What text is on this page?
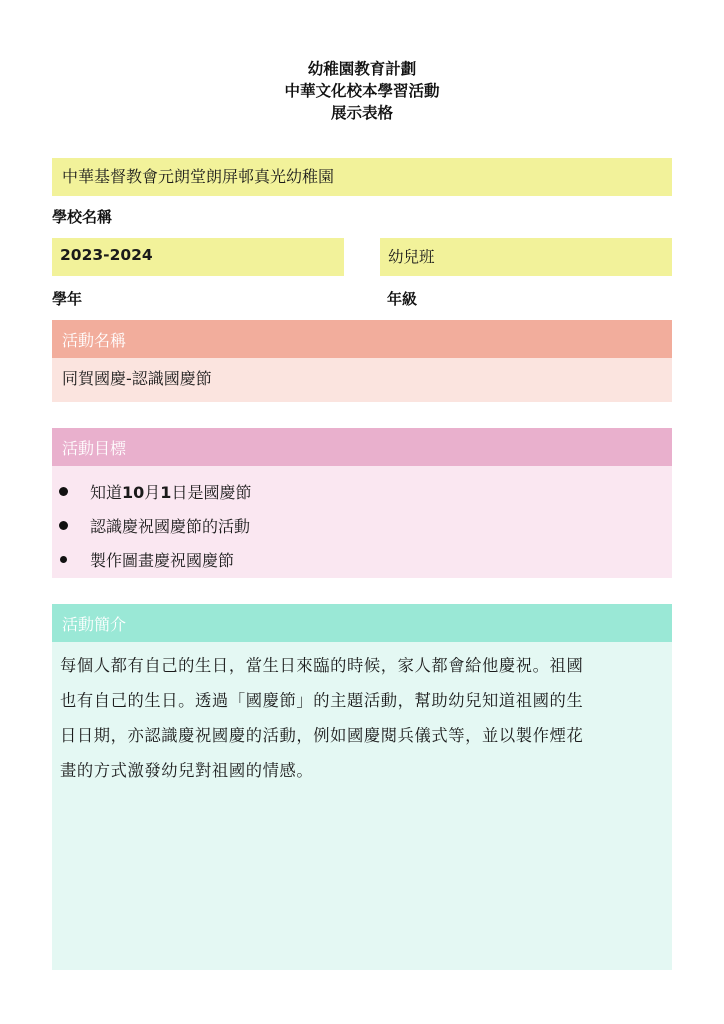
幼稚園教育計劃
中華文化校本學習活動
展示表格
中華基督教會元朗堂朗屏邨真光幼稚園
學校名稱
2023-2024
學年
幼兒班
年級
活動名稱
同賀國慶-認識國慶節
活動目標
知道10月1日是國慶節
認識慶祝國慶節的活動
製作圖畫慶祝國慶節
活動簡介
每個人都有自己的生日，當生日來臨的時候，家人都會給他慶祝。祖國
也有自己的生日。透過「國慶節」的主題活動，幫助幼兒知道祖國的生
日日期，亦認識慶祝國慶的活動，例如國慶閱兵儀式等，並以製作煙花
畫的方式激發幼兒對祖國的情感。
